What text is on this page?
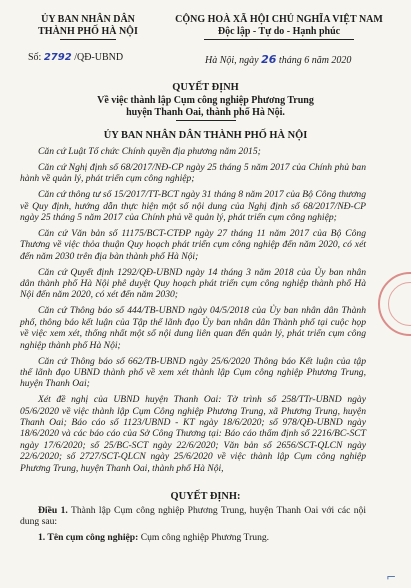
ỦY BAN NHÂN DÂN
THÀNH PHỐ HÀ NỘI
CỘNG HOÀ XÃ HỘI CHỦ NGHĨA VIỆT NAM
Độc lập - Tự do - Hạnh phúc
Số: 2792 /QĐ-UBND	Hà Nội, ngày 26 tháng 6 năm 2020
QUYẾT ĐỊNH
Về việc thành lập Cụm công nghiệp Phương Trung
huyện Thanh Oai, thành phố Hà Nội.
ỦY BAN NHÂN DÂN THÀNH PHỐ HÀ NỘI

Căn cứ Luật Tổ chức Chính quyền địa phương năm 2015;

Căn cứ Nghị định số 68/2017/NĐ-CP ngày 25 tháng 5 năm 2017 của Chính phủ ban hành về quản lý, phát triển cụm công nghiệp;

Căn cứ thông tư số 15/2017/TT-BCT ngày 31 tháng 8 năm 2017 của Bộ Công thương về Quy định, hướng dẫn thực hiện một số nội dung của Nghị định số 68/2017/NĐ-CP ngày 25 tháng 5 năm 2017 của Chính phủ về quản lý, phát triển cụm công nghiệp;

Căn cứ Văn bản số 11175/BCT-CTĐP ngày 27 tháng 11 năm 2017 của Bộ Công Thương về việc thỏa thuận Quy hoạch phát triển cụm công nghiệp đến năm 2020, có xét đến năm 2030 trên địa bàn thành phố Hà Nội;

Căn cứ Quyết định 1292/QĐ-UBND ngày 14 tháng 3 năm 2018 của Ủy ban nhân dân thành phố Hà Nội phê duyệt Quy hoạch phát triển cụm công nghiệp thành phố Hà Nội đến năm 2020, có xét đến năm 2030;

Căn cứ Thông báo số 444/TB-UBND ngày 04/5/2018 của Ủy ban nhân dân Thành phố, thông báo kết luận của Tập thể lãnh đạo Ủy ban nhân dân Thành phố tại cuộc họp về việc xem xét, thống nhất một số nội dung liên quan đến quản lý, phát triển cụm công nghiệp thành phố Hà Nội;

Căn cứ Thông báo số 662/TB-UBND ngày 25/6/2020 Thông báo Kết luận của tập thể lãnh đạo UBND thành phố về xem xét thành lập Cụm công nghiệp Phương Trung, huyện Thanh Oai;

Xét đề nghị của UBND huyện Thanh Oai: Tờ trình số 258/TTr-UBND ngày 05/6/2020 về việc thành lập Cụm Công nghiệp Phương Trung, xã Phương Trung, huyện Thanh Oai; Báo cáo số 1123/UBND - KT ngày 18/6/2020; số 978/QĐ-UBND ngày 18/6/2020 và các báo cáo của Sở Công Thương tại: Báo cáo thẩm định số 2216/BC-SCT ngày 17/6/2020; số 25/BC-SCT ngày 22/6/2020; Văn bản số 2656/SCT-QLCN ngày 22/6/2020; số 2727/SCT-QLCN ngày 25/6/2020 về việc thành lập Cụm công nghiệp Phương Trung, huyện Thanh Oai, thành phố Hà Nội,

QUYẾT ĐỊNH:

Điều 1. Thành lập Cụm công nghiệp Phương Trung, huyện Thanh Oai với các nội dung sau:

1. Tên cụm công nghiệp: Cụm công nghiệp Phương Trung.

⌐
